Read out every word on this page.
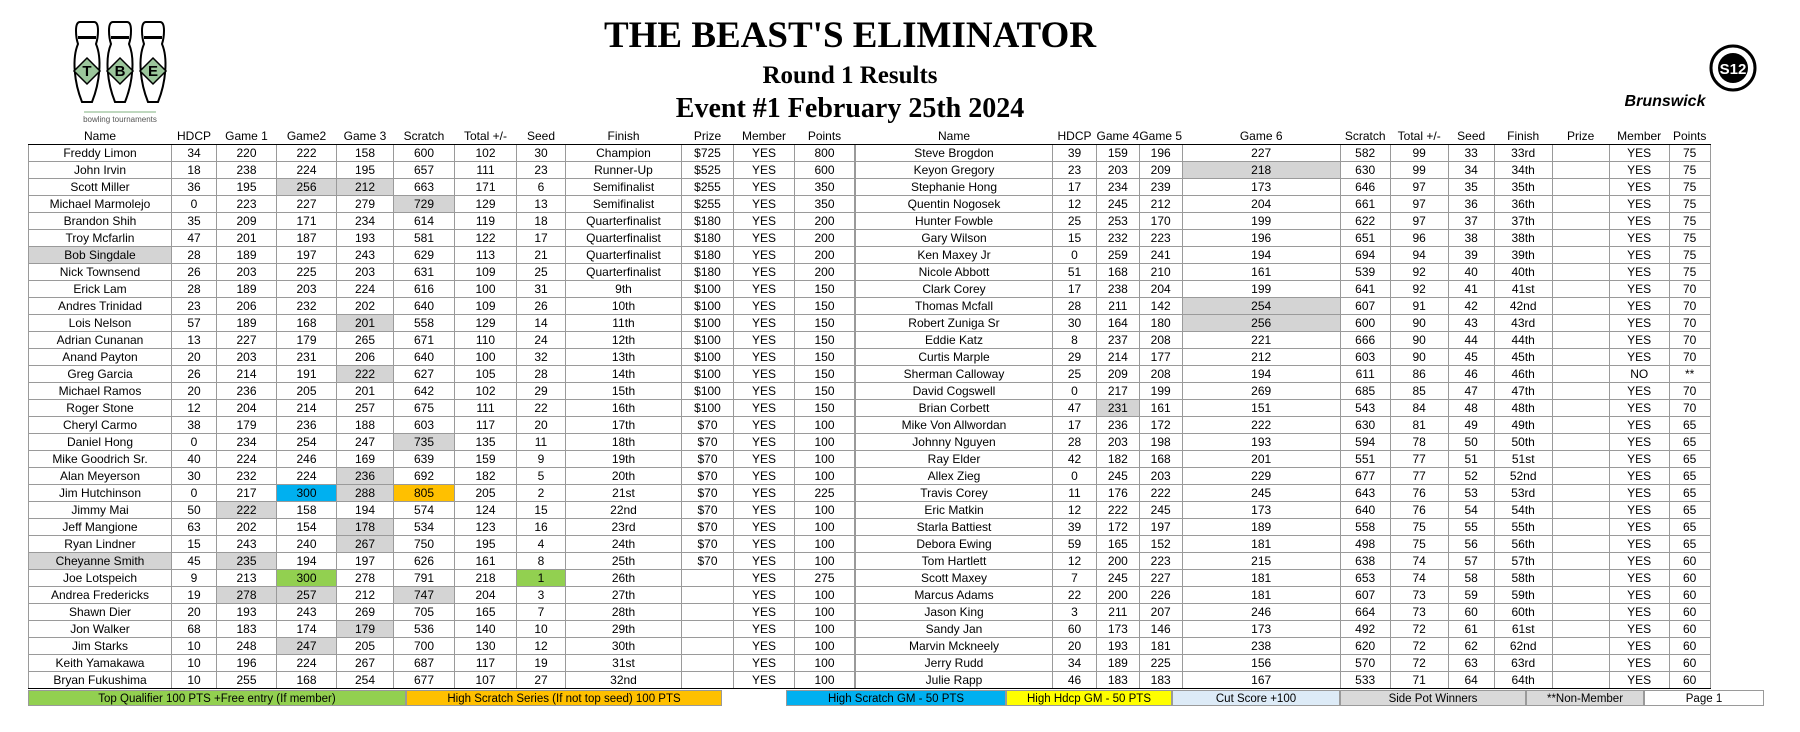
T B E
bowling tournaments
S12
Brunswick
THE BEAST'S ELIMINATOR
Round 1 Results
Event #1 February 25th 2024
Name	HDCP	Game 1	Game2	Game 3	Scratch	Total +/-	Seed	Finish	Prize	Member	Points		Name	HDCP	Game 4	Game 5	Game 6	Scratch	Total +/-	Seed	Finish	Prize	Member	Points
Freddy Limon	34	220	222	158	600	102	30	Champion	$725	YES	800		Steve Brogdon	39	159	196	227	582	99	33	33rd		YES	75
John Irvin	18	238	224	195	657	111	23	Runner-Up	$525	YES	600		Keyon Gregory	23	203	209	218	630	99	34	34th		YES	75
Scott Miller	36	195	256	212	663	171	6	Semifinalist	$255	YES	350		Stephanie Hong	17	234	239	173	646	97	35	35th		YES	75
Michael Marmolejo	0	223	227	279	729	129	13	Semifinalist	$255	YES	350		Quentin Nogosek	12	245	212	204	661	97	36	36th		YES	75
Brandon Shih	35	209	171	234	614	119	18	Quarterfinalist	$180	YES	200		Hunter Fowble	25	253	170	199	622	97	37	37th		YES	75
Troy Mcfarlin	47	201	187	193	581	122	17	Quarterfinalist	$180	YES	200		Gary Wilson	15	232	223	196	651	96	38	38th		YES	75
Bob Singdale	28	189	197	243	629	113	21	Quarterfinalist	$180	YES	200		Ken Maxey Jr	0	259	241	194	694	94	39	39th		YES	75
Nick Townsend	26	203	225	203	631	109	25	Quarterfinalist	$180	YES	200		Nicole Abbott	51	168	210	161	539	92	40	40th		YES	75
Erick Lam	28	189	203	224	616	100	31	9th	$100	YES	150		Clark Corey	17	238	204	199	641	92	41	41st		YES	70
Andres Trinidad	23	206	232	202	640	109	26	10th	$100	YES	150		Thomas Mcfall	28	211	142	254	607	91	42	42nd		YES	70
Lois Nelson	57	189	168	201	558	129	14	11th	$100	YES	150		Robert Zuniga Sr	30	164	180	256	600	90	43	43rd		YES	70
Adrian Cunanan	13	227	179	265	671	110	24	12th	$100	YES	150		Eddie Katz	8	237	208	221	666	90	44	44th		YES	70
Anand Payton	20	203	231	206	640	100	32	13th	$100	YES	150		Curtis Marple	29	214	177	212	603	90	45	45th		YES	70
Greg Garcia	26	214	191	222	627	105	28	14th	$100	YES	150		Sherman Calloway	25	209	208	194	611	86	46	46th		NO	**
Michael Ramos	20	236	205	201	642	102	29	15th	$100	YES	150		David Cogswell	0	217	199	269	685	85	47	47th		YES	70
Roger Stone	12	204	214	257	675	111	22	16th	$100	YES	150		Brian Corbett	47	231	161	151	543	84	48	48th		YES	70
Cheryl Carmo	38	179	236	188	603	117	20	17th	$70	YES	100		Mike Von Allwordan	17	236	172	222	630	81	49	49th		YES	65
Daniel Hong	0	234	254	247	735	135	11	18th	$70	YES	100		Johnny Nguyen	28	203	198	193	594	78	50	50th		YES	65
Mike Goodrich Sr.	40	224	246	169	639	159	9	19th	$70	YES	100		Ray Elder	42	182	168	201	551	77	51	51st		YES	65
Alan Meyerson	30	232	224	236	692	182	5	20th	$70	YES	100		Allex Zieg	0	245	203	229	677	77	52	52nd		YES	65
Jim Hutchinson	0	217	300	288	805	205	2	21st	$70	YES	225		Travis Corey	11	176	222	245	643	76	53	53rd		YES	65
Jimmy Mai	50	222	158	194	574	124	15	22nd	$70	YES	100		Eric Matkin	12	222	245	173	640	76	54	54th		YES	65
Jeff Mangione	63	202	154	178	534	123	16	23rd	$70	YES	100		Starla Battiest	39	172	197	189	558	75	55	55th		YES	65
Ryan Lindner	15	243	240	267	750	195	4	24th	$70	YES	100		Debora Ewing	59	165	152	181	498	75	56	56th		YES	65
Cheyanne Smith	45	235	194	197	626	161	8	25th	$70	YES	100		Tom Hartlett	12	200	223	215	638	74	57	57th		YES	60
Joe Lotspeich	9	213	300	278	791	218	1	26th		YES	275		Scott Maxey	7	245	227	181	653	74	58	58th		YES	60
Andrea Fredericks	19	278	257	212	747	204	3	27th		YES	100		Marcus Adams	22	200	226	181	607	73	59	59th		YES	60
Shawn Dier	20	193	243	269	705	165	7	28th		YES	100		Jason King	3	211	207	246	664	73	60	60th		YES	60
Jon Walker	68	183	174	179	536	140	10	29th		YES	100		Sandy Jan	60	173	146	173	492	72	61	61st		YES	60
Jim Starks	10	248	247	205	700	130	12	30th		YES	100		Marvin Mckneely	20	193	181	238	620	72	62	62nd		YES	60
Keith Yamakawa	10	196	224	267	687	117	19	31st		YES	100		Jerry Rudd	34	189	225	156	570	72	63	63rd		YES	60
Bryan Fukushima	10	255	168	254	677	107	27	32nd		YES	100		Julie Rapp	46	183	183	167	533	71	64	64th		YES	60
Top Qualifier 100 PTS +Free entry (If member)	High Scratch Series (If not top seed) 100 PTS	High Scratch GM - 50 PTS	High Hdcp GM - 50 PTS	Cut Score +100	Side Pot Winners	**Non-Member	Page 1
